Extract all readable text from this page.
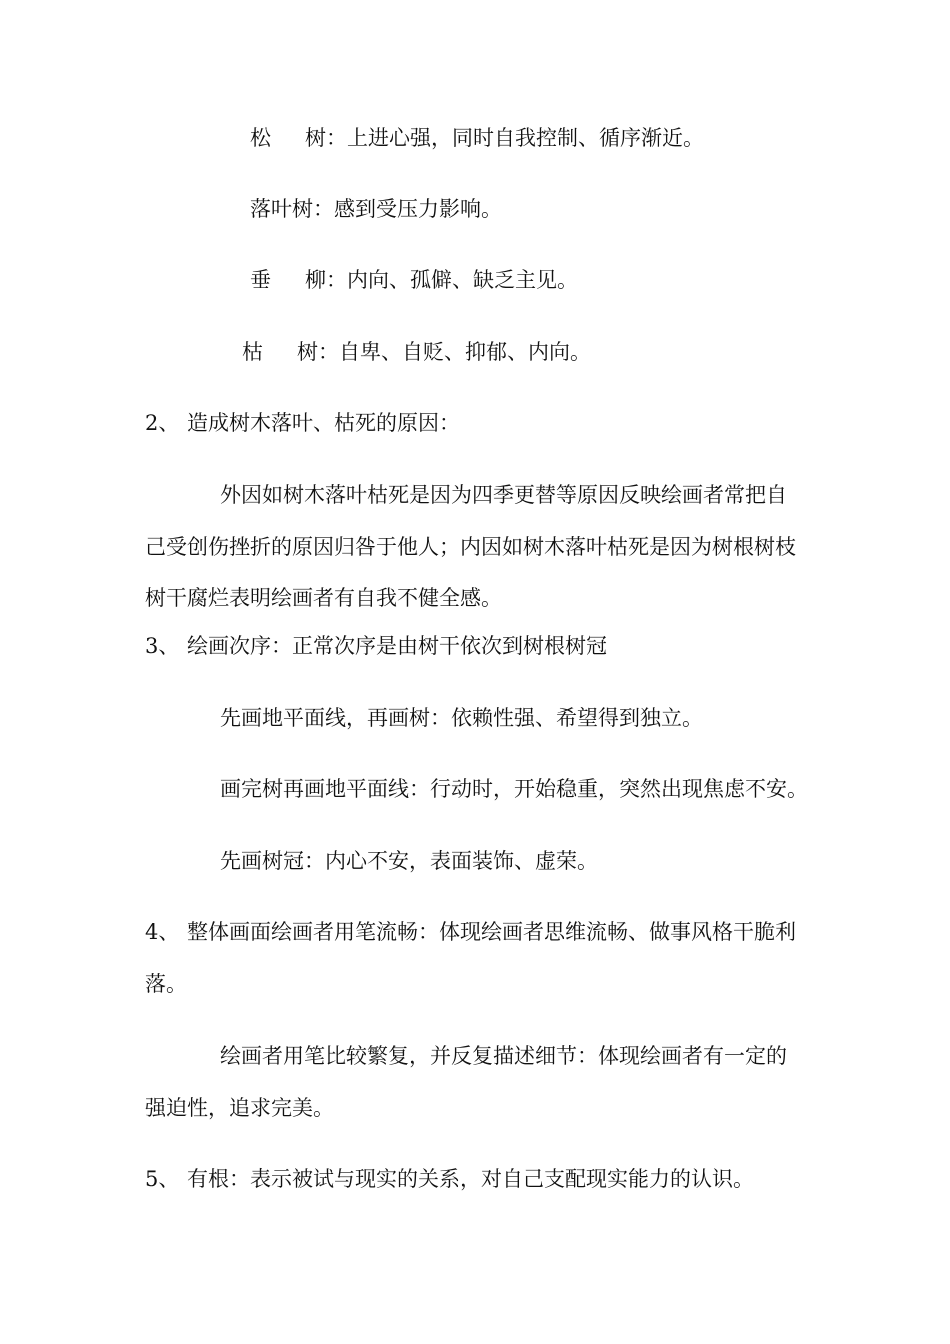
松 树：上进心强，同时自我控制、循序渐近。

落叶树：感到受压力影响。

垂 柳：内向、孤僻、缺乏主见。

枯 树：自卑、自贬、抑郁、内向。

2、 造成树木落叶、枯死的原因：

外因如树木落叶枯死是因为四季更替等原因反映绘画者常把自

己受创伤挫折的原因归咎于他人；内因如树木落叶枯死是因为树根树枝

树干腐烂表明绘画者有自我不健全感。

3、 绘画次序：正常次序是由树干依次到树根树冠

先画地平面线，再画树：依赖性强、希望得到独立。

画完树再画地平面线：行动时，开始稳重，突然出现焦虑不安。

先画树冠：内心不安，表面装饰、虚荣。

4、 整体画面绘画者用笔流畅：体现绘画者思维流畅、做事风格干脆利

落。

绘画者用笔比较繁复，并反复描述细节：体现绘画者有一定的

强迫性，追求完美。

5、 有根：表示被试与现实的关系，对自己支配现实能力的认识。
